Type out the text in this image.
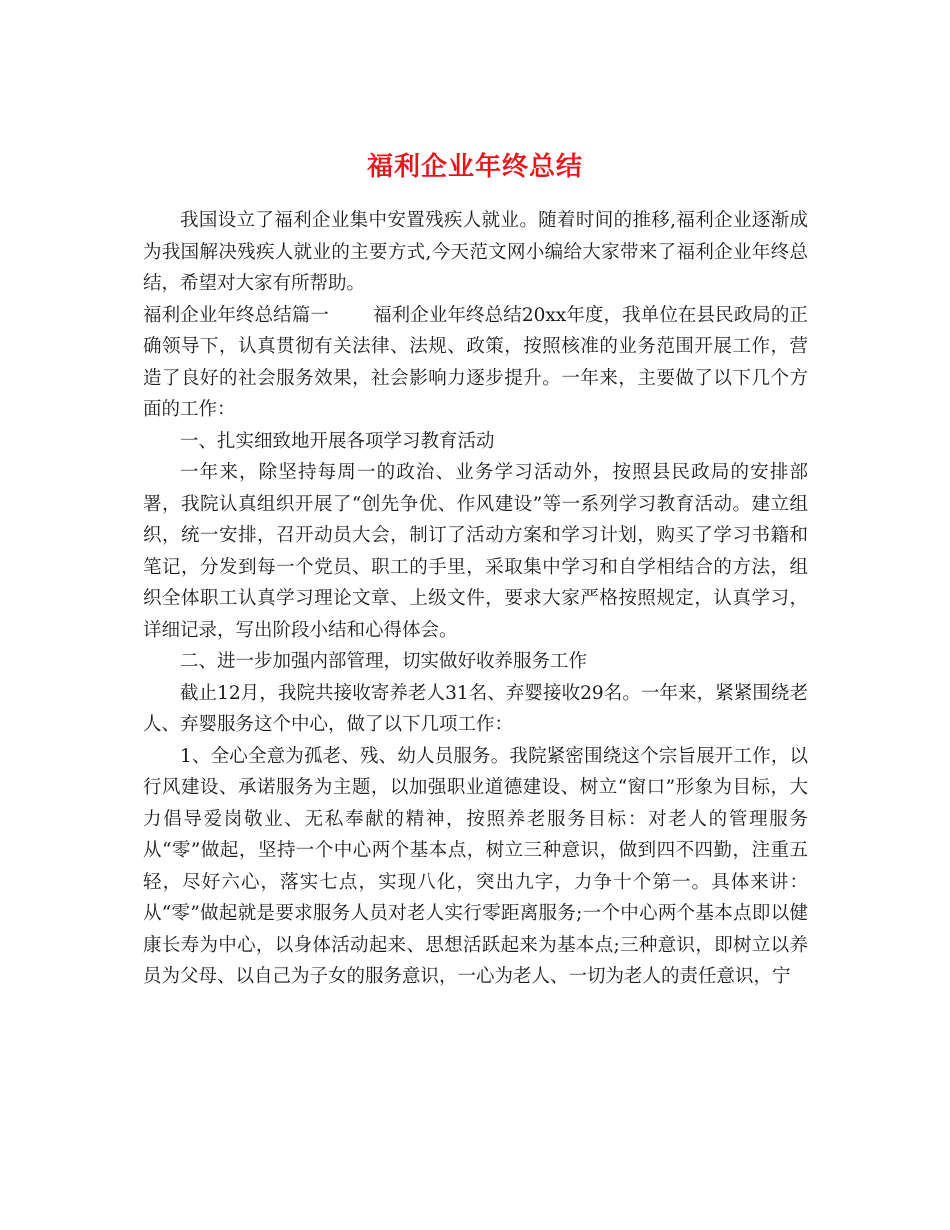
福利企业年终总结

我国设立了福利企业集中安置残疾人就业。随着时间的推移,福利企业逐渐成为我国解决残疾人就业的主要方式,今天范文网小编给大家带来了福利企业年终总结，希望对大家有所帮助。

福利企业年终总结篇一 福利企业年终总结20xx年度，我单位在县民政局的正确领导下，认真贯彻有关法律、法规、政策，按照核准的业务范围开展工作，营造了良好的社会服务效果，社会影响力逐步提升。一年来，主要做了以下几个方面的工作：

一、扎实细致地开展各项学习教育活动

一年来，除坚持每周一的政治、业务学习活动外，按照县民政局的安排部署，我院认真组织开展了“创先争优、作风建设”等一系列学习教育活动。建立组织，统一安排，召开动员大会，制订了活动方案和学习计划，购买了学习书籍和笔记，分发到每一个党员、职工的手里，采取集中学习和自学相结合的方法，组织全体职工认真学习理论文章、上级文件，要求大家严格按照规定，认真学习，详细记录，写出阶段小结和心得体会。

二、进一步加强内部管理，切实做好收养服务工作

截止12月，我院共接收寄养老人31名、弃婴接收29名。一年来，紧紧围绕老人、弃婴服务这个中心，做了以下几项工作：

1、全心全意为孤老、残、幼人员服务。我院紧密围绕这个宗旨展开工作，以行风建设、承诺服务为主题，以加强职业道德建设、树立“窗口”形象为目标，大力倡导爱岗敬业、无私奉献的精神，按照养老服务目标：对老人的管理服务从“零”做起，坚持一个中心两个基本点，树立三种意识，做到四不四勤，注重五轻，尽好六心，落实七点，实现八化，突出九字，力争十个第一。具体来讲：从“零”做起就是要求服务人员对老人实行零距离服务;一个中心两个基本点即以健康长寿为中心，以身体活动起来、思想活跃起来为基本点;三种意识，即树立以养员为父母、以自己为子女的服务意识，一心为老人、一切为老人的责任意识，宁
